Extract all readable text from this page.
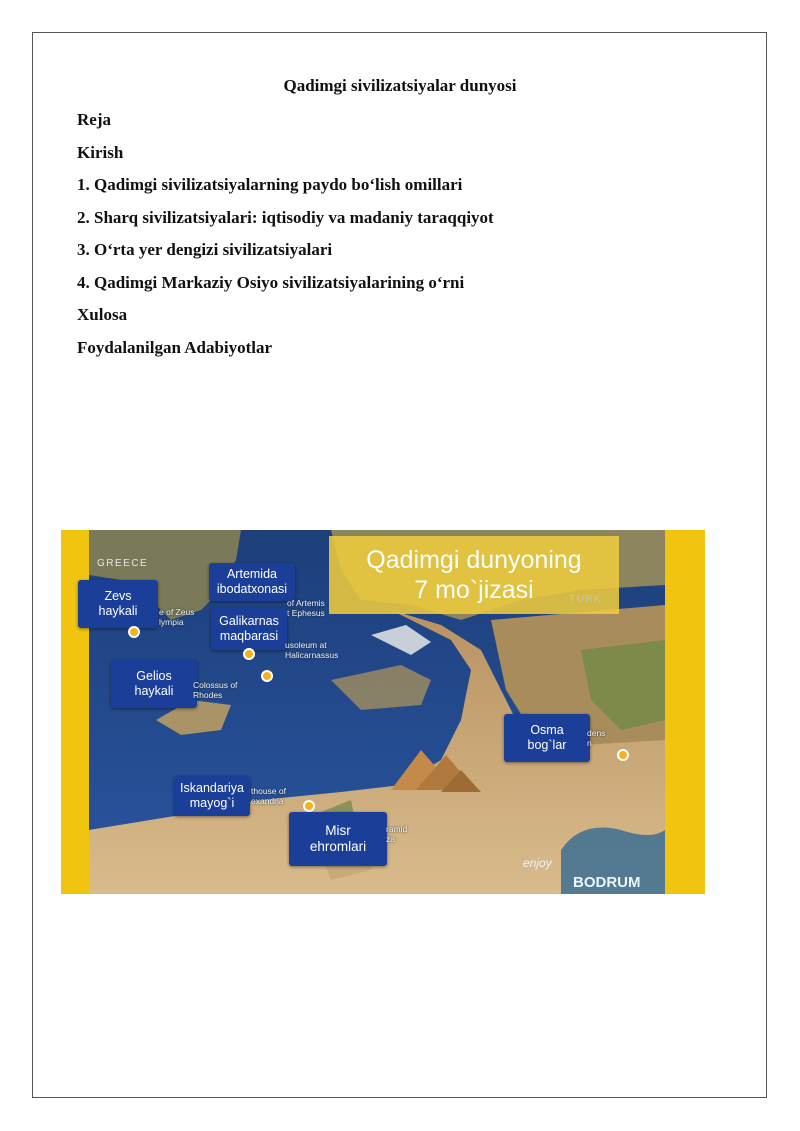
Qadimgi sivilizatsiyalar dunyosi
Reja
Kirish
1. Qadimgi sivilizatsiyalarning paydo bo‘lish omillari
2. Sharq sivilizatsiyalari: iqtisodiy va madaniy taraqqiyot
3. O‘rta yer dengizi sivilizatsiyalari
4. Qadimgi Markaziy Osiyo sivilizatsiyalarining o‘rni
Xulosa
Foydalanilgan Adabiyotlar
Qadimgi dunyoning
7 mo`jizasi
GREECE
TURK
Zevs
haykali	e of Zeus
lympia
Artemida
ibodatxonasi
of Artemis
t Ephesus
Galikarnas
maqbarasi
usoleum at
Halicarnassus
Gelios
haykali	Colossus of
Rhodes
Osma
bog`lar
dens
n
Iskandariya
mayog`i
thouse of
exandria
Misr
ehromlari
ramid
za
enjoy
BODRUM
